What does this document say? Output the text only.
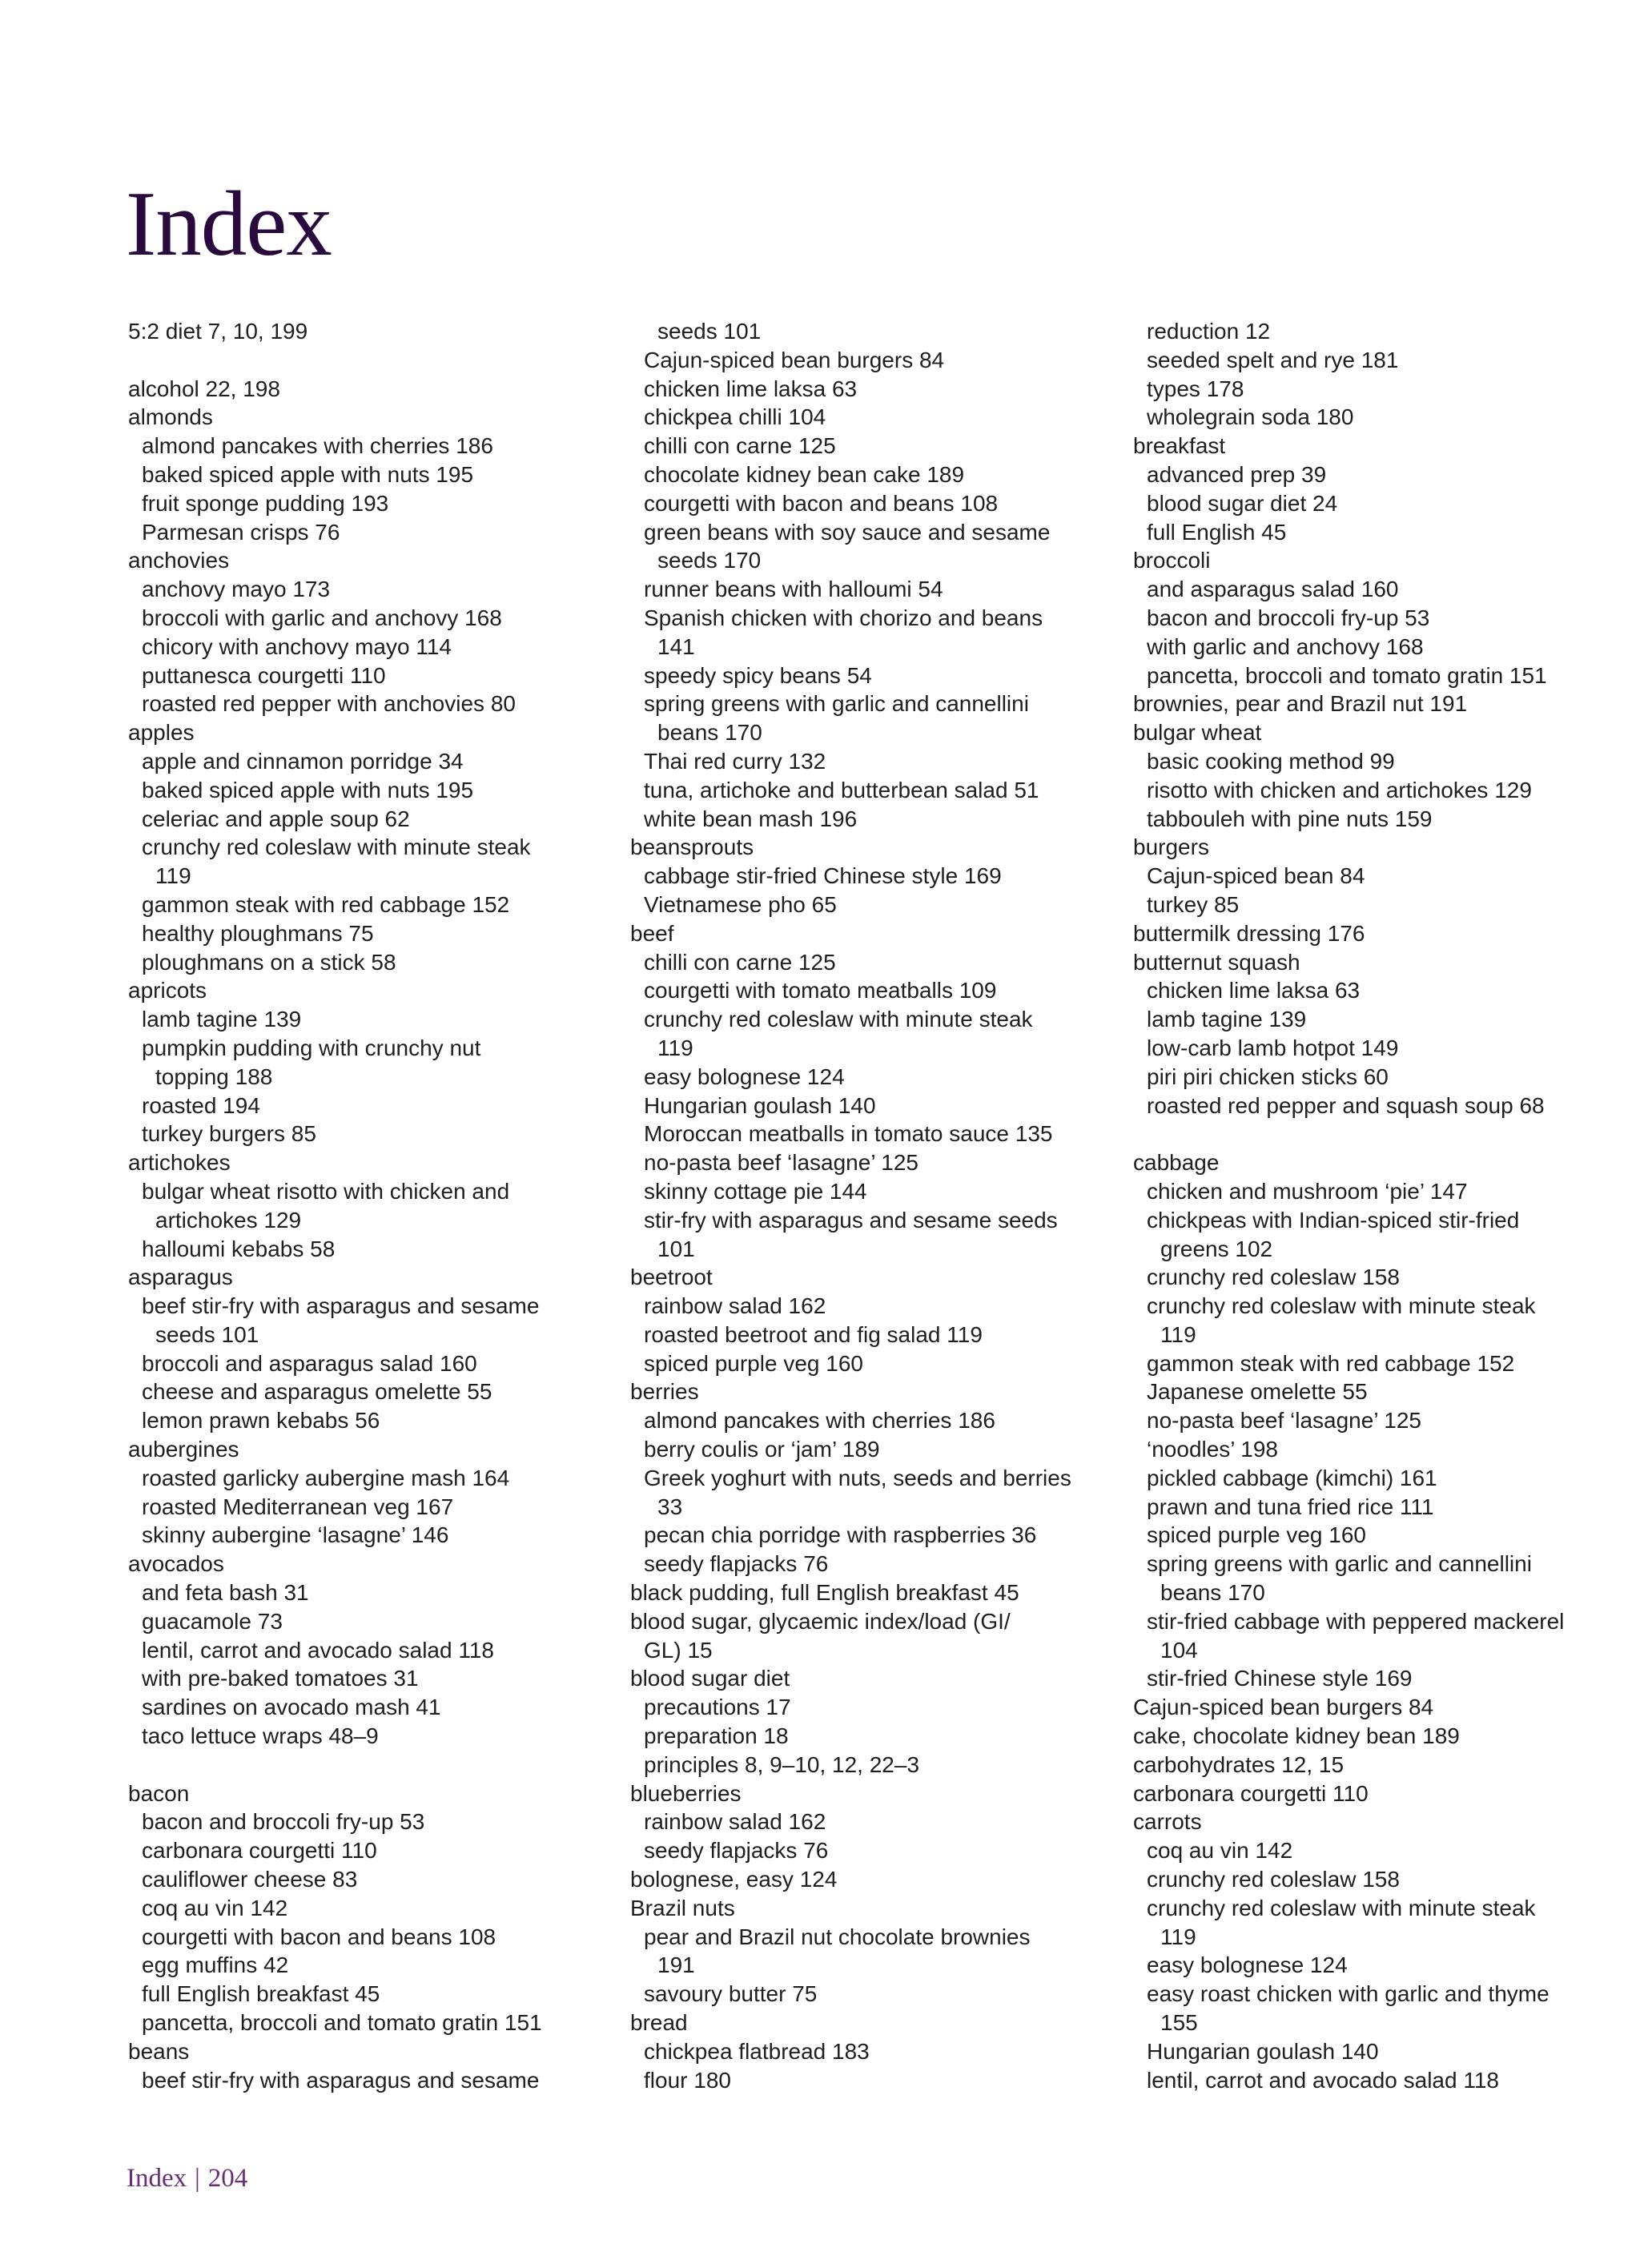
Index
5:2 diet 7, 10, 199
alcohol 22, 198
almonds
almond pancakes with cherries 186
baked spiced apple with nuts 195
fruit sponge pudding 193
Parmesan crisps 76
anchovies
anchovy mayo 173
broccoli with garlic and anchovy 168
chicory with anchovy mayo 114
puttanesca courgetti 110
roasted red pepper with anchovies 80
apples
apple and cinnamon porridge 34
baked spiced apple with nuts 195
celeriac and apple soup 62
crunchy red coleslaw with minute steak
119
gammon steak with red cabbage 152
healthy ploughmans 75
ploughmans on a stick 58
apricots
lamb tagine 139
pumpkin pudding with crunchy nut
topping 188
roasted 194
turkey burgers 85
artichokes
bulgar wheat risotto with chicken and
artichokes 129
halloumi kebabs 58
asparagus
beef stir-fry with asparagus and sesame
seeds 101
broccoli and asparagus salad 160
cheese and asparagus omelette 55
lemon prawn kebabs 56
aubergines
roasted garlicky aubergine mash 164
roasted Mediterranean veg 167
skinny aubergine ‘lasagne’ 146
avocados
and feta bash 31
guacamole 73
lentil, carrot and avocado salad 118
with pre-baked tomatoes 31
sardines on avocado mash 41
taco lettuce wraps 48–9
bacon
bacon and broccoli fry-up 53
carbonara courgetti 110
cauliflower cheese 83
coq au vin 142
courgetti with bacon and beans 108
egg muffins 42
full English breakfast 45
pancetta, broccoli and tomato gratin 151
beans
beef stir-fry with asparagus and sesame
seeds 101
Cajun-spiced bean burgers 84
chicken lime laksa 63
chickpea chilli 104
chilli con carne 125
chocolate kidney bean cake 189
courgetti with bacon and beans 108
green beans with soy sauce and sesame
seeds 170
runner beans with halloumi 54
Spanish chicken with chorizo and beans
141
speedy spicy beans 54
spring greens with garlic and cannellini
beans 170
Thai red curry 132
tuna, artichoke and butterbean salad 51
white bean mash 196
beansprouts
cabbage stir-fried Chinese style 169
Vietnamese pho 65
beef
chilli con carne 125
courgetti with tomato meatballs 109
crunchy red coleslaw with minute steak
119
easy bolognese 124
Hungarian goulash 140
Moroccan meatballs in tomato sauce 135
no-pasta beef ‘lasagne’ 125
skinny cottage pie 144
stir-fry with asparagus and sesame seeds
101
beetroot
rainbow salad 162
roasted beetroot and fig salad 119
spiced purple veg 160
berries
almond pancakes with cherries 186
berry coulis or ‘jam’ 189
Greek yoghurt with nuts, seeds and berries
33
pecan chia porridge with raspberries 36
seedy flapjacks 76
black pudding, full English breakfast 45
blood sugar, glycaemic index/load (GI/
GL) 15
blood sugar diet
precautions 17
preparation 18
principles 8, 9–10, 12, 22–3
blueberries
rainbow salad 162
seedy flapjacks 76
bolognese, easy 124
Brazil nuts
pear and Brazil nut chocolate brownies
191
savoury butter 75
bread
chickpea flatbread 183
flour 180
reduction 12
seeded spelt and rye 181
types 178
wholegrain soda 180
breakfast
advanced prep 39
blood sugar diet 24
full English 45
broccoli
and asparagus salad 160
bacon and broccoli fry-up 53
with garlic and anchovy 168
pancetta, broccoli and tomato gratin 151
brownies, pear and Brazil nut 191
bulgar wheat
basic cooking method 99
risotto with chicken and artichokes 129
tabbouleh with pine nuts 159
burgers
Cajun-spiced bean 84
turkey 85
buttermilk dressing 176
butternut squash
chicken lime laksa 63
lamb tagine 139
low-carb lamb hotpot 149
piri piri chicken sticks 60
roasted red pepper and squash soup 68
cabbage
chicken and mushroom ‘pie’ 147
chickpeas with Indian-spiced stir-fried
greens 102
crunchy red coleslaw 158
crunchy red coleslaw with minute steak
119
gammon steak with red cabbage 152
Japanese omelette 55
no-pasta beef ‘lasagne’ 125
‘noodles’ 198
pickled cabbage (kimchi) 161
prawn and tuna fried rice 111
spiced purple veg 160
spring greens with garlic and cannellini
beans 170
stir-fried cabbage with peppered mackerel
104
stir-fried Chinese style 169
Cajun-spiced bean burgers 84
cake, chocolate kidney bean 189
carbohydrates 12, 15
carbonara courgetti 110
carrots
coq au vin 142
crunchy red coleslaw 158
crunchy red coleslaw with minute steak
119
easy bolognese 124
easy roast chicken with garlic and thyme
155
Hungarian goulash 140
lentil, carrot and avocado salad 118
Index | 204
